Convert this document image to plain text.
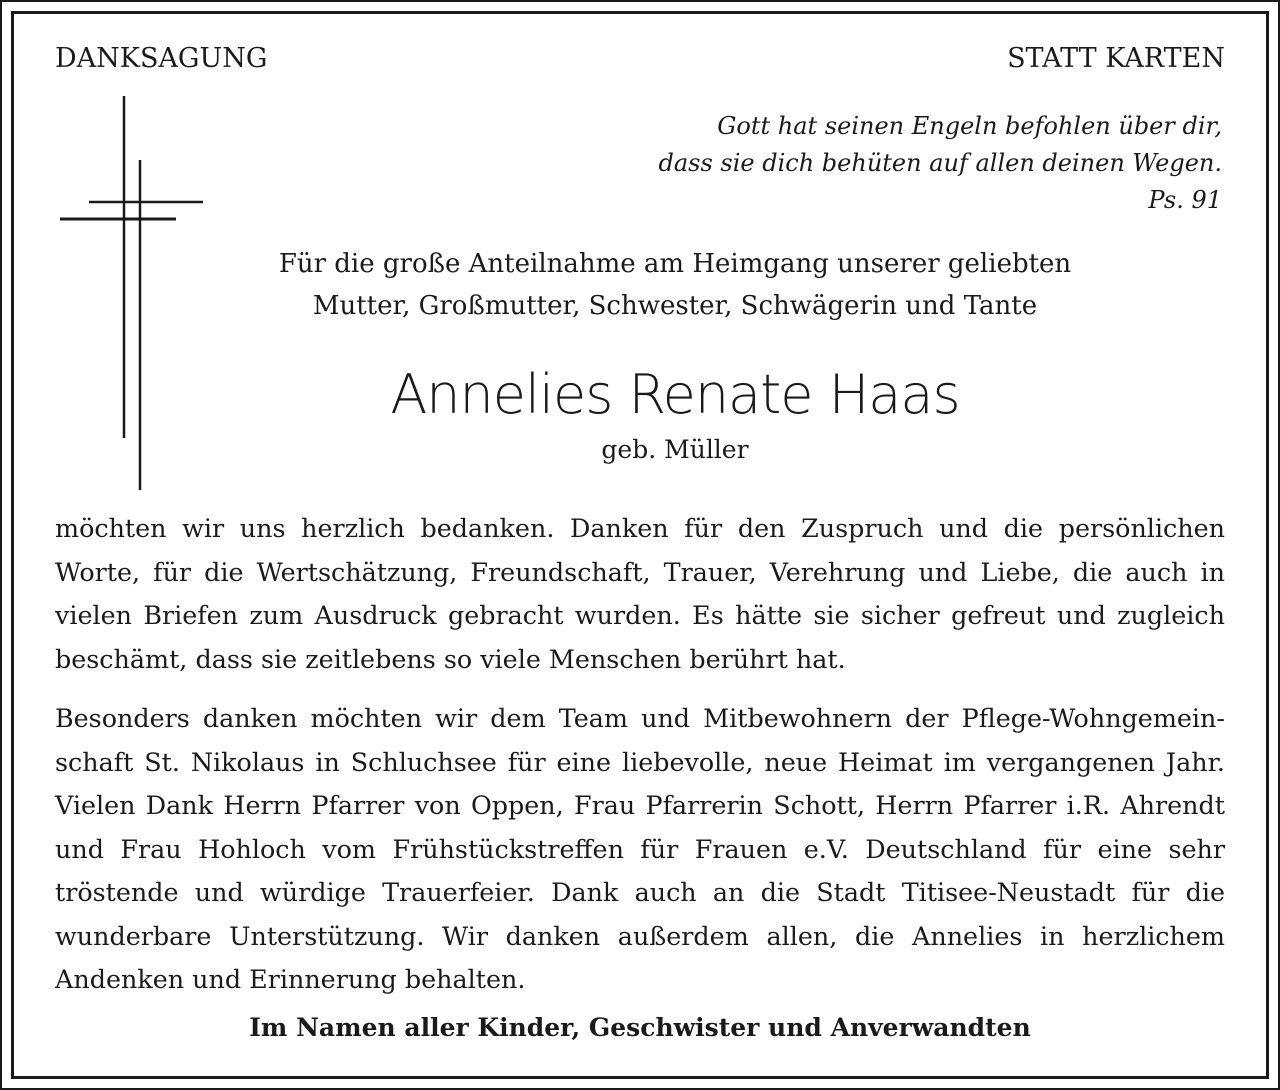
DANKSAGUNG	STATT KARTEN
Gott hat seinen Engeln befohlen über dir,
dass sie dich behüten auf allen deinen Wegen.
Ps. 91
Für die große Anteilnahme am Heimgang unserer geliebten
Mutter, Großmutter, Schwester, Schwägerin und Tante
Annelies Renate Haas
geb. Müller
möchten wir uns herzlich bedanken. Danken für den Zuspruch und die persönlichen
Worte, für die Wertschätzung, Freundschaft, Trauer, Verehrung und Liebe, die auch in
vielen Briefen zum Ausdruck gebracht wurden. Es hätte sie sicher gefreut und zugleich
beschämt, dass sie zeitlebens so viele Menschen berührt hat.
Besonders danken möchten wir dem Team und Mitbewohnern der Pflege-Wohngemein-
schaft St. Nikolaus in Schluchsee für eine liebevolle, neue Heimat im vergangenen Jahr.
Vielen Dank Herrn Pfarrer von Oppen, Frau Pfarrerin Schott, Herrn Pfarrer i.R. Ahrendt
und Frau Hohloch vom Frühstückstreffen für Frauen e.V. Deutschland für eine sehr
tröstende und würdige Trauerfeier. Dank auch an die Stadt Titisee-Neustadt für die
wunderbare Unterstützung. Wir danken außerdem allen, die Annelies in herzlichem
Andenken und Erinnerung behalten.
Im Namen aller Kinder, Geschwister und Anverwandten
